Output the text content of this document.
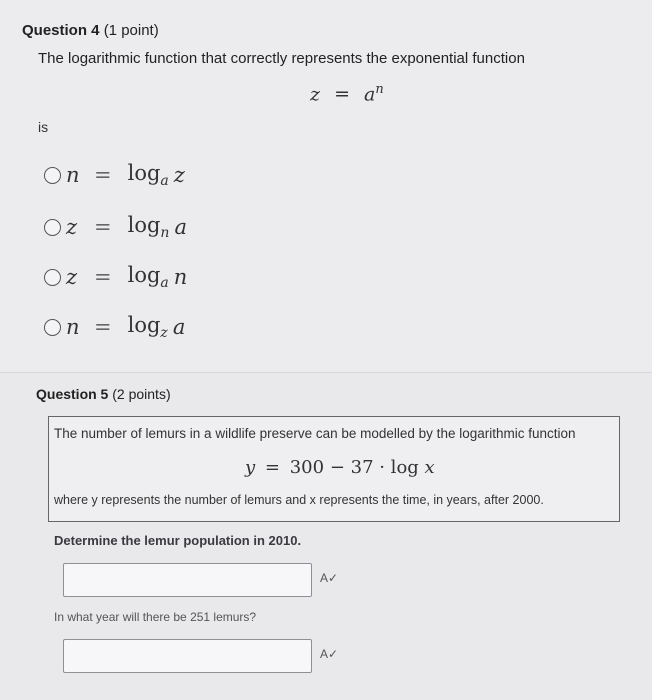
Question 4 (1 point)
The logarithmic function that correctly represents the exponential function
$z = a^n$
is
$n = \log_a z$
$z = \log_n a$
$z = \log_a n$
$n = \log_z a$
Question 5 (2 points)
The number of lemurs in a wildlife preserve can be modelled by the logarithmic function
y = 300 − 37 · log x
where y represents the number of lemurs and x represents the time, in years, after 2000.
Determine the lemur population in 2010.
A✓
In what year will there be 251 lemurs?
A✓
